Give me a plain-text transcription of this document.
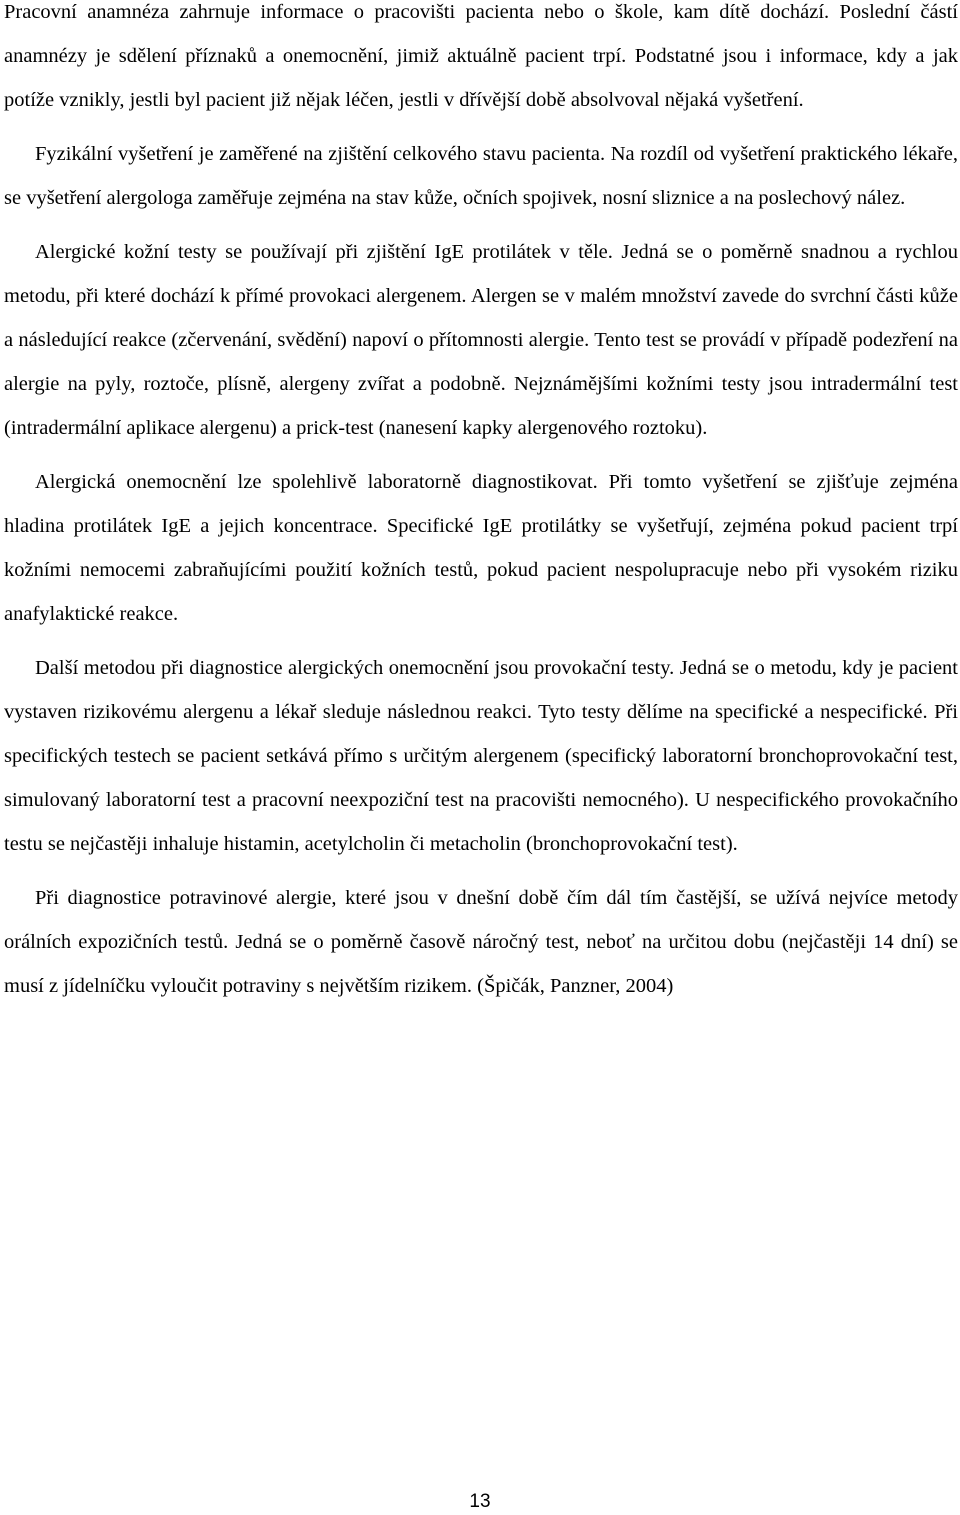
Pracovní anamnéza zahrnuje informace o pracovišti pacienta nebo o škole, kam dítě dochází. Poslední částí anamnézy je sdělení příznaků a onemocnění, jimiž aktuálně pacient trpí. Podstatné jsou i informace, kdy a jak potíže vznikly, jestli byl pacient již nějak léčen, jestli v dřívější době absolvoval nějaká vyšetření.

Fyzikální vyšetření je zaměřené na zjištění celkového stavu pacienta. Na rozdíl od vyšetření praktického lékaře, se vyšetření alergologa zaměřuje zejména na stav kůže, očních spojivek, nosní sliznice a na poslechový nález.

Alergické kožní testy se používají při zjištění IgE protilátek v těle. Jedná se o poměrně snadnou a rychlou metodu, při které dochází k přímé provokaci alergenem. Alergen se v malém množství zavede do svrchní části kůže a následující reakce (zčervenání, svědění) napoví o přítomnosti alergie. Tento test se provádí v případě podezření na alergie na pyly, roztoče, plísně, alergeny zvířat a podobně. Nejznámějšími kožními testy jsou intradermální test (intradermální aplikace alergenu) a prick-test (nanesení kapky alergenového roztoku).

Alergická onemocnění lze spolehlivě laboratorně diagnostikovat. Při tomto vyšetření se zjišťuje zejména hladina protilátek IgE a jejich koncentrace. Specifické IgE protilátky se vyšetřují, zejména pokud pacient trpí kožními nemocemi zabraňujícími použití kožních testů, pokud pacient nespolupracuje nebo při vysokém riziku anafylaktické reakce.

Další metodou při diagnostice alergických onemocnění jsou provokační testy. Jedná se o metodu, kdy je pacient vystaven rizikovému alergenu a lékař sleduje následnou reakci. Tyto testy dělíme na specifické a nespecifické. Při specifických testech se pacient setkává přímo s určitým alergenem (specifický laboratorní bronchoprovokační test, simulovaný laboratorní test a pracovní neexpoziční test na pracovišti nemocného). U nespecifického provokačního testu se nejčastěji inhaluje histamin, acetylcholin či metacholin (bronchoprovokační test).

Při diagnostice potravinové alergie, které jsou v dnešní době čím dál tím častější, se užívá nejvíce metody orálních expozičních testů. Jedná se o poměrně časově náročný test, neboť na určitou dobu (nejčastěji 14 dní) se musí z jídelníčku vyloučit potraviny s největším rizikem. (Špičák, Panzner, 2004)

13
